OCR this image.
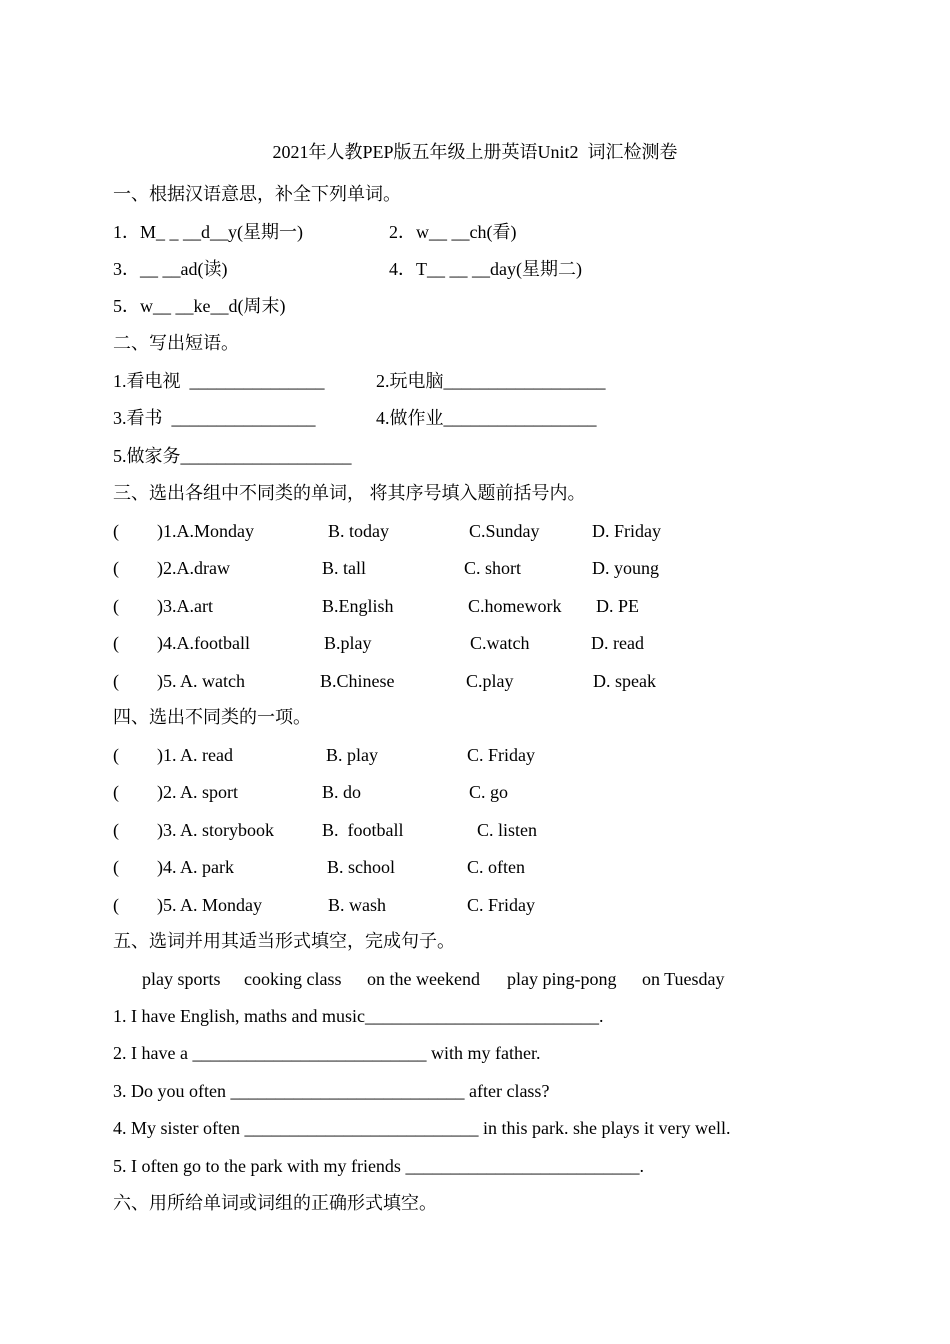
2021年人教PEP版五年级上册英语Unit2  词汇检测卷
一、根据汉语意思，补全下列单词。
1．M_ _ __d__y(星期一)	2．w__ __ch(看)
3．__ __ad(读)	4．T__ __ __day(星期二)
5．w__ __ke__d(周末)
二、写出短语。
1.看电视  _______________	2.玩电脑__________________
3.看书  ________________	4.做作业_________________
5.做家务___________________
三、选出各组中不同类的单词， 将其序号填入题前括号内。
( )1.A.Monday	B. today	C.Sunday	D. Friday
( )2.A.draw	B. tall	C. short	D. young
( )3.A.art	B.English	C.homework D. PE
( )4.A.football	B.play	C.watch	D. read
( )5. A. watch	B.Chinese	C.play	D. speak
四、选出不同类的一项。
( )1. A. read	B. play	C. Friday
( )2. A. sport	B. do	C. go
( )3. A. storybook	B.  football	C. listen
( )4. A. park	B. school	C. often
( )5. A. Monday	B. wash	C. Friday
五、选词并用其适当形式填空，完成句子。
play sports cooking class on the weekend play ping-pong on Tuesday
1. I have English, maths and music__________________________.
2. I have a __________________________ with my father.
3. Do you often __________________________ after class?
4. My sister often __________________________ in this park. she plays it very well.
5. I often go to the park with my friends __________________________.
六、用所给单词或词组的正确形式填空。
